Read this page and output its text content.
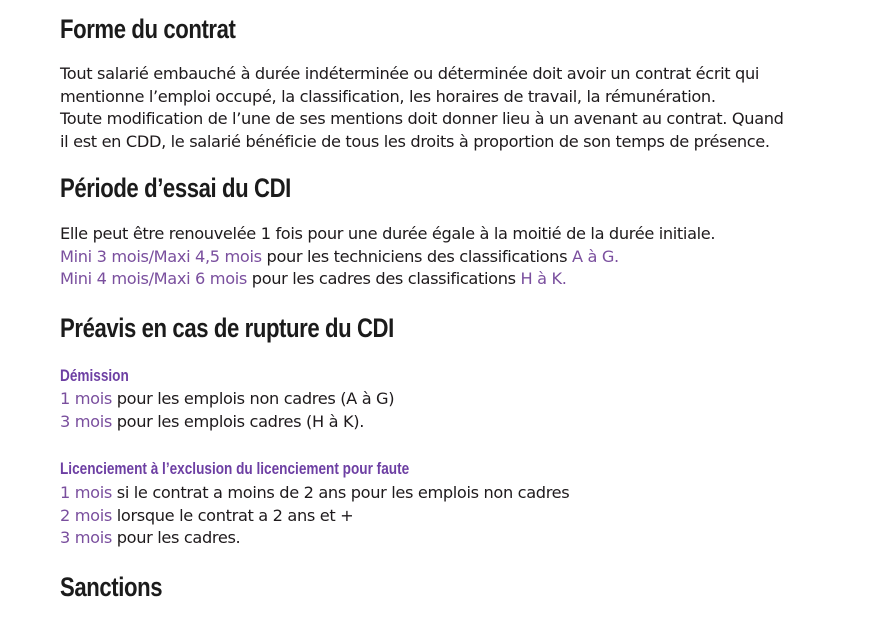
Forme du contrat
Tout salarié embauché à durée indéterminée ou déterminée doit avoir un contrat écrit qui
mentionne l’emploi occupé, la classification, les horaires de travail, la rémunération.
Toute modification de l’une de ses mentions doit donner lieu à un avenant au contrat. Quand
il est en CDD, le salarié bénéficie de tous les droits à proportion de son temps de présence.
Période d’essai du CDI
Elle peut être renouvelée 1 fois pour une durée égale à la moitié de la durée initiale.
Mini 3 mois/Maxi 4,5 mois pour les techniciens des classifications A à G.
Mini 4 mois/Maxi 6 mois pour les cadres des classifications H à K.
Préavis en cas de rupture du CDI
Démission
1 mois pour les emplois non cadres (A à G)
3 mois pour les emplois cadres (H à K).
Licenciement à l’exclusion du licenciement pour faute
1 mois si le contrat a moins de 2 ans pour les emplois non cadres
2 mois lorsque le contrat a 2 ans et +
3 mois pour les cadres.
Sanctions
